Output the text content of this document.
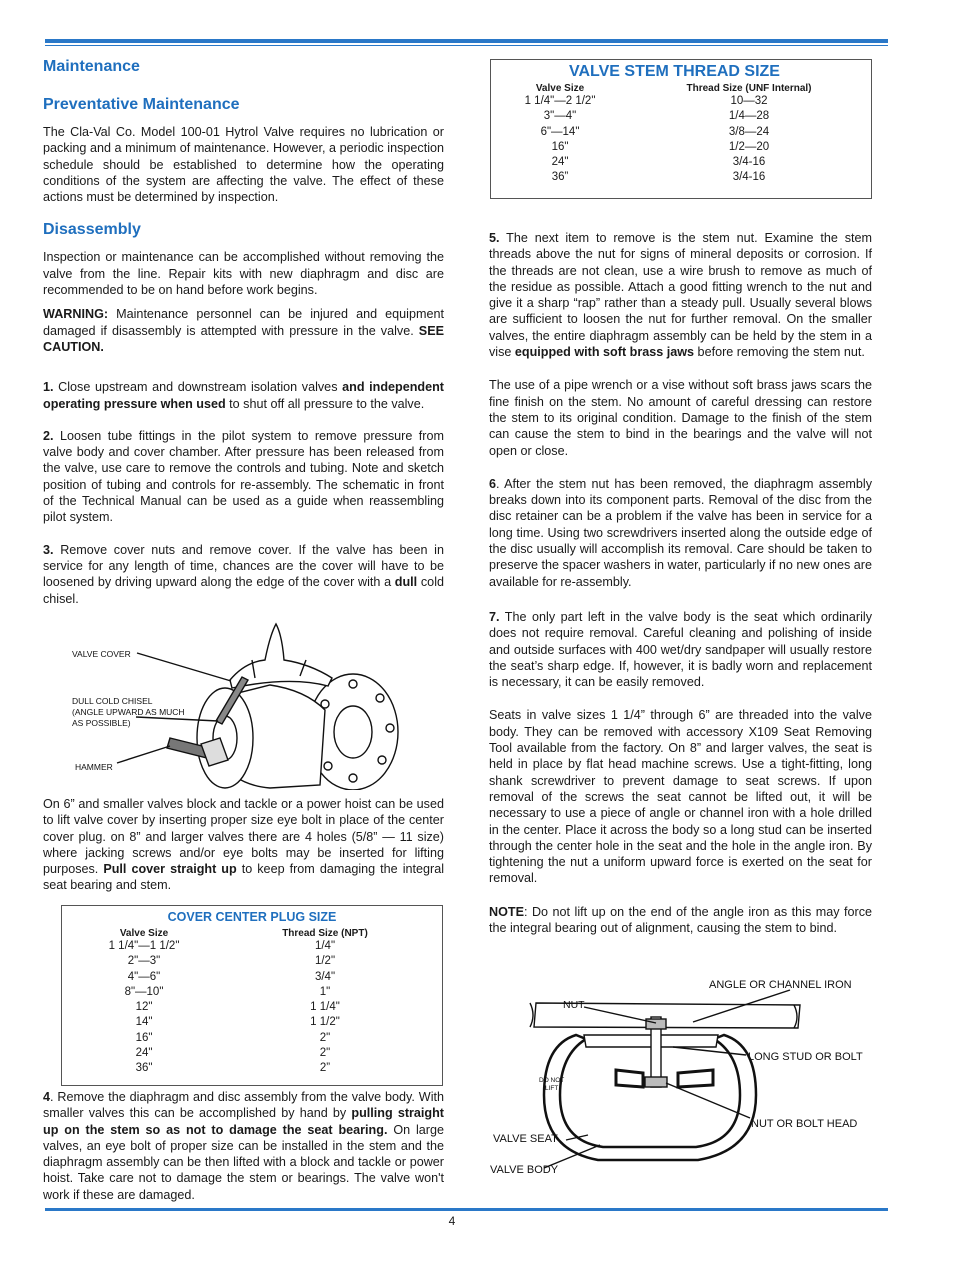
Maintenance
Preventative Maintenance

The Cla-Val Co. Model 100-01 Hytrol Valve requires no lubrication or packing and a minimum of maintenance. However, a periodic inspection schedule should be established to determine how the operating conditions of the system are affecting the valve. The effect of these actions must be determined by inspection.

Disassembly

Inspection or maintenance can be accomplished without removing the valve from the line. Repair kits with new diaphragm and disc are recommended to be on hand before work begins.

WARNING: Maintenance personnel can be injured and equipment damaged if disassembly is attempted with pressure in the valve. SEE CAUTION.

1. Close upstream and downstream isolation valves and independent operating pressure when used to shut off all pressure to the valve.

2. Loosen tube fittings in the pilot system to remove pressure from valve body and cover chamber. After pressure has been released from the valve, use care to remove the controls and tubing. Note and sketch position of tubing and controls for re-assembly. The schematic in front of the Technical Manual can be used as a guide when reassembling pilot system.

3. Remove cover nuts and remove cover. If the valve has been in service for any length of time, chances are the cover will have to be loosened by driving upward along the edge of the cover with a dull cold chisel.

VALVE COVER
DULL COLD CHISEL
(ANGLE UPWARD AS MUCH
AS POSSIBLE)
HAMMER

On 6” and smaller valves block and tackle or a power hoist can be used to lift valve cover by inserting proper size eye bolt in place of the center cover plug. on 8” and larger valves there are 4 holes (5/8” — 11 size) where jacking screws and/or eye bolts may be inserted for lifting purposes. Pull cover straight up to keep from damaging the integral seat bearing and stem.

COVER CENTER PLUG SIZE
Valve Size	Thread Size (NPT)
1 1/4"—1 1/2"	1/4"
2"—3"	1/2"
4"—6"	3/4"
8"—10"	1"
12"	1 1/4"
14"	1 1/2"
16"	2"
24"	2"
36"	2”

4. Remove the diaphragm and disc assembly from the valve body. With smaller valves this can be accomplished by hand by pulling straight up on the stem so as not to damage the seat bearing. On large valves, an eye bolt of proper size can be installed in the stem and the diaphragm assembly can be then lifted with a block and tackle or power hoist. Take care not to damage the stem or bearings. The valve won't work if these are damaged.

VALVE STEM THREAD SIZE
Valve Size	Thread Size (UNF Internal)
1 1/4"—2 1/2"	10—32
3"—4"	1/4—28
6"—14"	3/8—24
16"	1/2—20
24"	3/4-16
36”	3/4-16

5. The next item to remove is the stem nut. Examine the stem threads above the nut for signs of mineral deposits or corrosion. If the threads are not clean, use a wire brush to remove as much of the residue as possible. Attach a good fitting wrench to the nut and give it a sharp “rap” rather than a steady pull. Usually several blows are sufficient to loosen the nut for further removal. On the smaller valves, the entire diaphragm assembly can be held by the stem in a vise equipped with soft brass jaws before removing the stem nut.

The use of a pipe wrench or a vise without soft brass jaws scars the fine finish on the stem. No amount of careful dressing can restore the stem to its original condition. Damage to the finish of the stem can cause the stem to bind in the bearings and the valve will not open or close.

6. After the stem nut has been removed, the diaphragm assembly breaks down into its component parts. Removal of the disc from the disc retainer can be a problem if the valve has been in service for a long time. Using two screwdrivers inserted along the outside edge of the disc usually will accomplish its removal. Care should be taken to preserve the spacer washers in water, particularly if no new ones are available for re-assembly.

7. The only part left in the valve body is the seat which ordinarily does not require removal. Careful cleaning and polishing of inside and outside surfaces with 400 wet/dry sandpaper will usually restore the seat’s sharp edge. If, however, it is badly worn and replacement is necessary, it can be easily removed.

Seats in valve sizes 1 1/4” through 6” are threaded into the valve body. They can be removed with accessory X109 Seat Removing Tool available from the factory. On 8” and larger valves, the seat is held in place by flat head machine screws. Use a tight-fitting, long shank screwdriver to prevent damage to seat screws. If upon removal of the screws the seat cannot be lifted out, it will be necessary to use a piece of angle or channel iron with a hole drilled in the center. Place it across the body so a long stud can be inserted through the center hole in the seat and the hole in the angle iron. By tightening the nut a uniform upward force is exerted on the seat for removal.

NOTE: Do not lift up on the end of the angle iron as this may force the integral bearing out of alignment, causing the stem to bind.

ANGLE OR CHANNEL IRON
NUT
LONG STUD OR BOLT
DO NOT
LIFT
NUT OR BOLT HEAD
VALVE SEAT
VALVE BODY
4
